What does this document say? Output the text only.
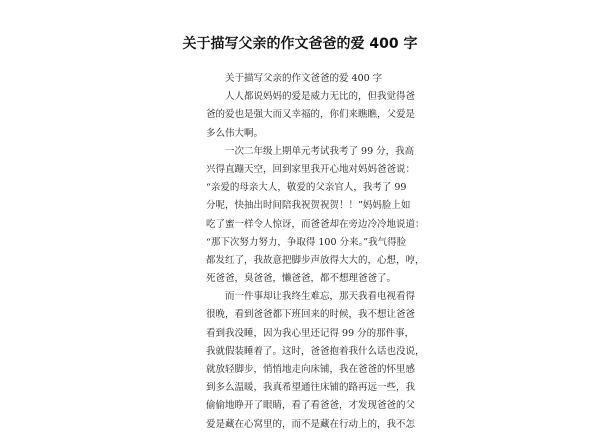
关于描写父亲的作文爸爸的爱 400 字
关于描写父亲的作文爸爸的爱 400 字
人人都说妈妈的爱是威力无比的，但我觉得爸
爸的爱也是强大而又幸福的，你们来瞧瞧，父爱是
多么伟大啊。
一次二年级上期单元考试我考了 99 分，我高
兴得直蹦天空，回到家里我开心地对妈妈爸爸说：
“亲爱的母亲大人，敬爱的父亲官人，我考了 99
分呢，快抽出时间陪我祝贺祝贺！！”妈妈脸上如
吃了蜜一样令人惊讶，而爸爸却在旁边冷冷地说道：
“那下次努力努力，争取得 100 分来。”我气得脸
都发红了，我故意把脚步声放得大大的，心想，哼，
死爸爸，臭爸爸，懒爸爸，都不想理爸爸了。
而一件事却让我终生难忘，那天我看电视看得
很晚，看到爸爸都下班回来的时候，我不想让爸爸
看到我没睡，因为我心里还记得 99 分的那件事，
我就假装睡着了。这时，爸爸抱着我什么话也没说，
就放轻脚步，悄悄地走向床铺，我在爸爸的怀里感
到多么温暖，我真希望通往床铺的路再远一些，我
偷偷地睁开了眼睛，看了看爸爸，才发现爸爸的父
爱是藏在心窝里的，而不是藏在行动上的，我不怎
